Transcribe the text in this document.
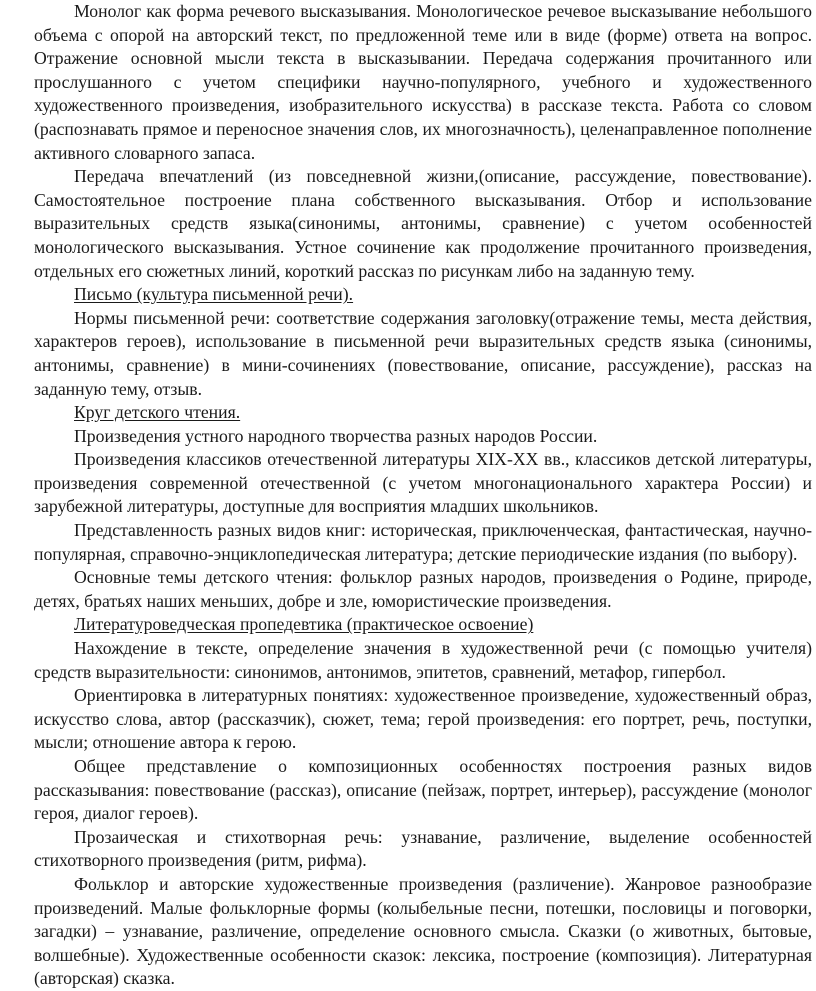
Монолог как форма речевого высказывания. Монологическое речевое высказывание небольшого объема с опорой на авторский текст, по предложенной теме или в виде (форме) ответа на вопрос. Отражение основной мысли текста в высказывании. Передача содержания прочитанного или прослушанного с учетом специфики научно-популярного, учебного и художественного художественного произведения, изобразительного искусства) в рассказе текста. Работа со словом (распознавать прямое и переносное значения слов, их многозначность), целенаправленное пополнение активного словарного запаса.

Передача впечатлений (из повседневной жизни,(описание, рассуждение, повествование). Самостоятельное построение плана собственного высказывания. Отбор и использование выразительных средств языка(синонимы, антонимы, сравнение) с учетом особенностей монологического высказывания. Устное сочинение как продолжение прочитанного произведения, отдельных его сюжетных линий, короткий рассказ по рисункам либо на заданную тему.

Письмо (культура письменной речи).

Нормы письменной речи: соответствие содержания заголовку(отражение темы, места действия, характеров героев), использование в письменной речи выразительных средств языка (синонимы, антонимы, сравнение) в мини-сочинениях (повествование, описание, рассуждение), рассказ на заданную тему, отзыв.

Круг детского чтения.

Произведения устного народного творчества разных народов России.

Произведения классиков отечественной литературы XIX-XX вв., классиков детской литературы, произведения современной отечественной (с учетом многонационального характера России) и зарубежной литературы, доступные для восприятия младших школьников.

Представленность разных видов книг: историческая, приключенческая, фантастическая, научно-популярная, справочно-энциклопедическая литература; детские периодические издания (по выбору).

Основные темы детского чтения: фольклор разных народов, произведения о Родине, природе, детях, братьях наших меньших, добре и зле, юмористические произведения.

Литературоведческая пропедевтика (практическое освоение)

Нахождение в тексте, определение значения в художественной речи (с помощью учителя) средств выразительности: синонимов, антонимов, эпитетов, сравнений, метафор, гипербол.

Ориентировка в литературных понятиях: художественное произведение, художественный образ, искусство слова, автор (рассказчик), сюжет, тема; герой произведения: его портрет, речь, поступки, мысли; отношение автора к герою.

Общее представление о композиционных особенностях построения разных видов рассказывания: повествование (рассказ), описание (пейзаж, портрет, интерьер), рассуждение (монолог героя, диалог героев).

Прозаическая и стихотворная речь: узнавание, различение, выделение особенностей стихотворного произведения (ритм, рифма).

Фольклор и авторские художественные произведения (различение). Жанровое разнообразие произведений. Малые фольклорные формы (колыбельные песни, потешки, пословицы и поговорки, загадки) – узнавание, различение, определение основного смысла. Сказки (о животных, бытовые, волшебные). Художественные особенности сказок: лексика, построение (композиция). Литературная (авторская) сказка.
